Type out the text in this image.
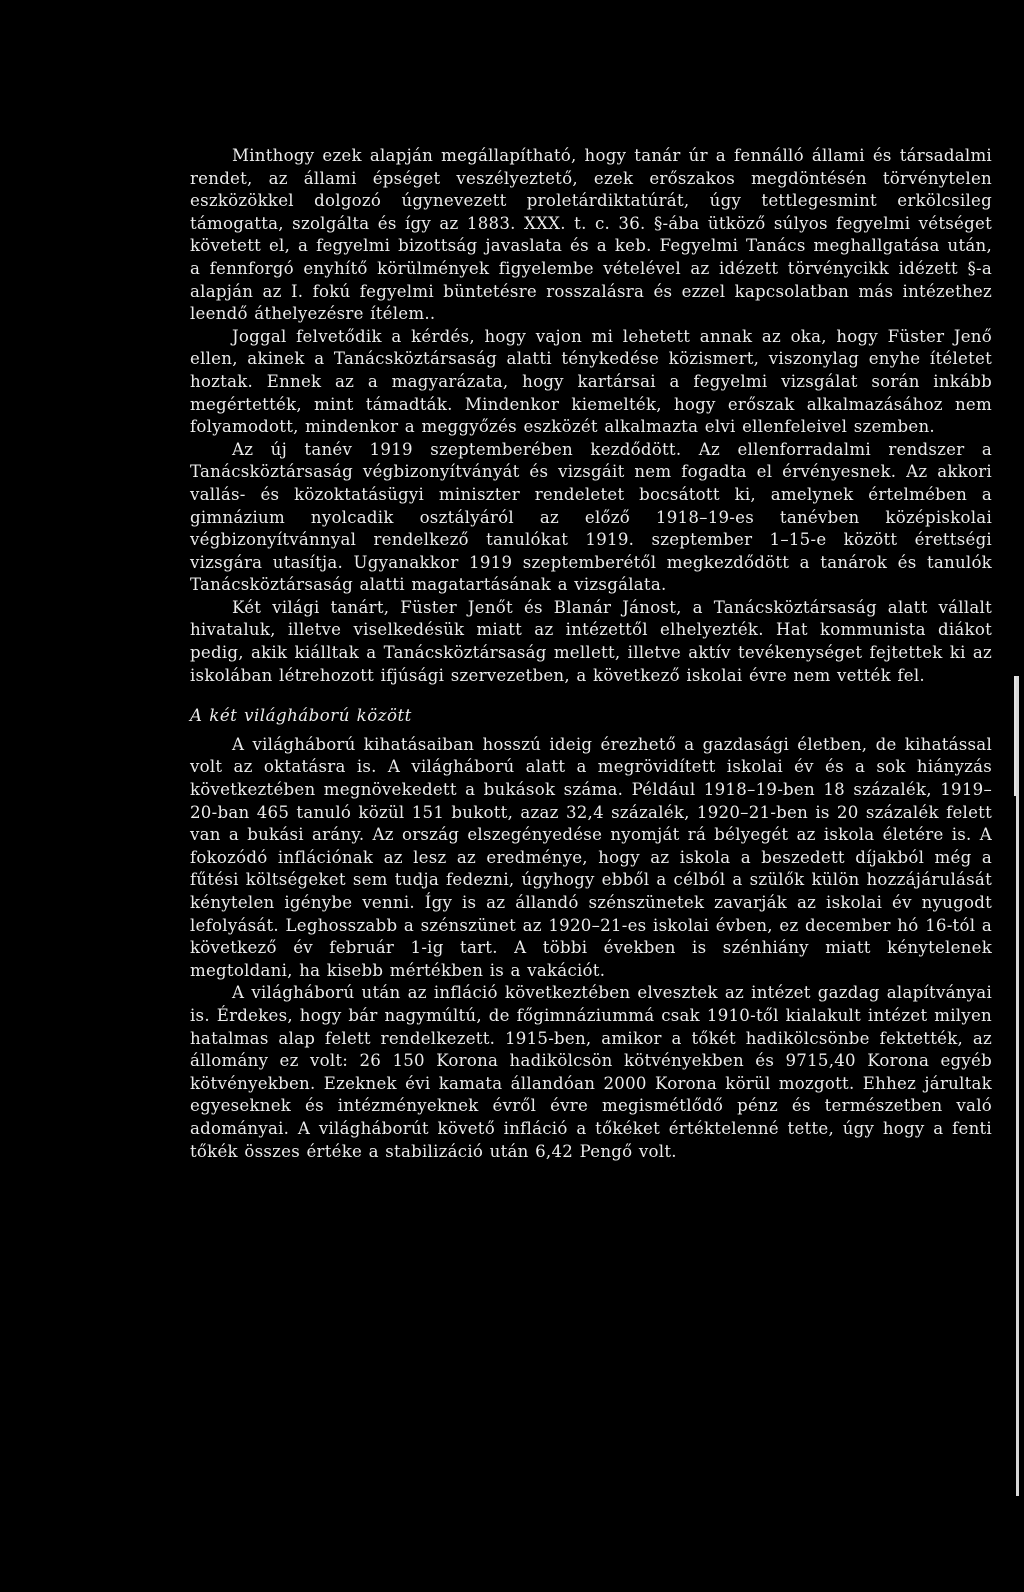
Minthogy ezek alapján megállapítható, hogy tanár úr a fennálló állami és társadalmi rendet, az állami épséget veszélyeztető, ezek erőszakos megdöntésén törvénytelen eszközökkel dolgozó úgynevezett proletárdiktatúrát, úgy tettlegesmint erkölcsileg támogatta, szolgálta és így az 1883. XXX. t. c. 36. §-ába ütköző súlyos fegyelmi vétséget követett el, a fegyelmi bizottság javaslata és a keb. Fegyelmi Tanács meghallgatása után, a fennforgó enyhítő körülmények figyelembe vételével az idézett törvénycikk idézett §-a alapján az I. fokú fegyelmi büntetésre rosszalásra és ezzel kapcsolatban más intézethez leendő áthelyezésre ítélem..

Joggal felvetődik a kérdés, hogy vajon mi lehetett annak az oka, hogy Füster Jenő ellen, akinek a Tanácsköztársaság alatti ténykedése közismert, viszonylag enyhe ítéletet hoztak. Ennek az a magyarázata, hogy kartársai a fegyelmi vizsgálat során inkább megértették, mint támadták. Mindenkor kiemelték, hogy erőszak alkalmazásához nem folyamodott, mindenkor a meggyőzés eszközét alkalmazta elvi ellenfeleivel szemben.

Az új tanév 1919 szeptemberében kezdődött. Az ellenforradalmi rendszer a Tanácsköztársaság végbizonyítványát és vizsgáit nem fogadta el érvényesnek. Az akkori vallás- és közoktatásügyi miniszter rendeletet bocsátott ki, amelynek értelmében a gimnázium nyolcadik osztályáról az előző 1918–19-es tanévben középiskolai végbizonyítvánnyal rendelkező tanulókat 1919. szeptember 1–15-e között érettségi vizsgára utasítja. Ugyanakkor 1919 szeptemberétől megkezdődött a tanárok és tanulók Tanácsköztársaság alatti magatartásának a vizsgálata.

Két világi tanárt, Füster Jenőt és Blanár Jánost, a Tanácsköztársaság alatt vállalt hivataluk, illetve viselkedésük miatt az intézettől elhelyezték. Hat kommunista diákot pedig, akik kiálltak a Tanácsköztársaság mellett, illetve aktív tevékenységet fejtettek ki az iskolában létrehozott ifjúsági szervezetben, a következő iskolai évre nem vették fel.

A két világháború között

A világháború kihatásaiban hosszú ideig érezhető a gazdasági életben, de kihatással volt az oktatásra is. A világháború alatt a megrövidített iskolai év és a sok hiányzás következtében megnövekedett a bukások száma. Például 1918–19-ben 18 százalék, 1919–20-ban 465 tanuló közül 151 bukott, azaz 32,4 százalék, 1920–21-ben is 20 százalék felett van a bukási arány. Az ország elszegényedése nyomját rá bélyegét az iskola életére is. A fokozódó inflációnak az lesz az eredménye, hogy az iskola a beszedett díjakból még a fűtési költségeket sem tudja fedezni, úgyhogy ebből a célból a szülők külön hozzájárulását kénytelen igénybe venni. Így is az állandó szénszünetek zavarják az iskolai év nyugodt lefolyását. Leghosszabb a szénszünet az 1920–21-es iskolai évben, ez december hó 16-tól a következő év február 1-ig tart. A többi években is szénhiány miatt kénytelenek megtoldani, ha kisebb mértékben is a vakációt.

A világháború után az infláció következtében elvesztek az intézet gazdag alapítványai is. Érdekes, hogy bár nagymúltú, de főgimnáziummá csak 1910-től kialakult intézet milyen hatalmas alap felett rendelkezett. 1915-ben, amikor a tőkét hadikölcsönbe fektették, az állomány ez volt: 26 150 Korona hadikölcsön kötvényekben és 9715,40 Korona egyéb kötvényekben. Ezeknek évi kamata állandóan 2000 Korona körül mozgott. Ehhez járultak egyeseknek és intézményeknek évről évre megismétlődő pénz és természetben való adományai. A világháborút követő infláció a tőkéket értéktelenné tette, úgy hogy a fenti tőkék összes értéke a stabilizáció után 6,42 Pengő volt.
